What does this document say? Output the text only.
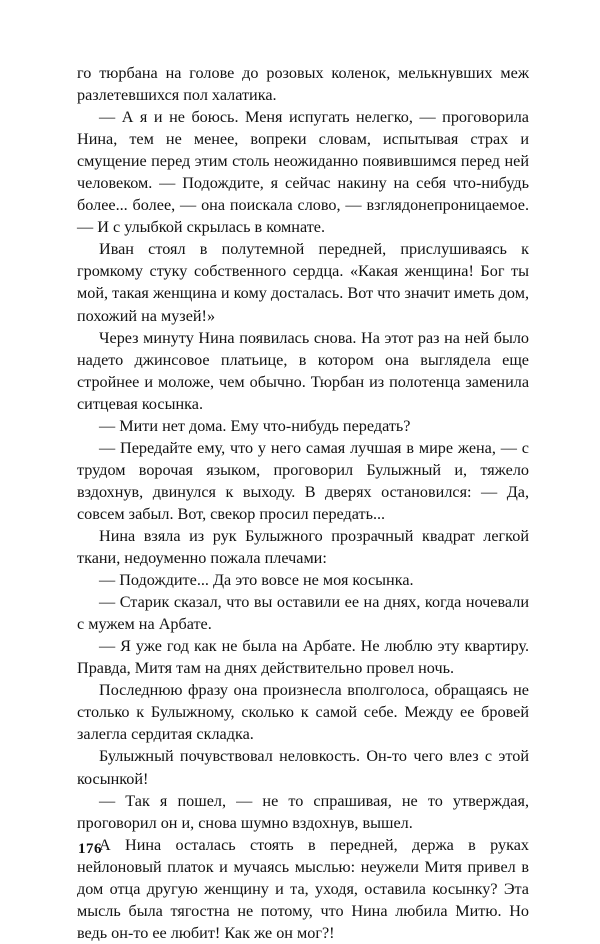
го тюрбана на голове до розовых коленок, мелькнувших меж разлетевшихся пол халатика.

— А я и не боюсь. Меня испугать нелегко, — проговорила Нина, тем не менее, вопреки словам, испытывая страх и смущение перед этим столь неожиданно появившимся перед ней человеком. — Подождите, я сейчас накину на себя что-нибудь более... более, — она поискала слово, — взглядонепроницаемое. — И с улыбкой скрылась в комнате.

Иван стоял в полутемной передней, прислушиваясь к громкому стуку собственного сердца. «Какая женщина! Бог ты мой, такая женщина и кому досталась. Вот что значит иметь дом, похожий на музей!»

Через минуту Нина появилась снова. На этот раз на ней было надето джинсовое платьице, в котором она выглядела еще стройнее и моложе, чем обычно. Тюрбан из полотенца заменила ситцевая косынка.

— Мити нет дома. Ему что-нибудь передать?

— Передайте ему, что у него самая лучшая в мире жена, — с трудом ворочая языком, проговорил Булыжный и, тяжело вздохнув, двинулся к выходу. В дверях остановился: — Да, совсем забыл. Вот, свекор просил передать...

Нина взяла из рук Булыжного прозрачный квадрат легкой ткани, недоуменно пожала плечами:

— Подождите... Да это вовсе не моя косынка.

— Старик сказал, что вы оставили ее на днях, когда ночевали с мужем на Арбате.

— Я уже год как не была на Арбате. Не люблю эту квартиру. Правда, Митя там на днях действительно провел ночь.

Последнюю фразу она произнесла вполголоса, обращаясь не столько к Булыжному, сколько к самой себе. Между ее бровей залегла сердитая складка.

Булыжный почувствовал неловкость. Он-то чего влез с этой косынкой!

— Так я пошел, — не то спрашивая, не то утверждая, проговорил он и, снова шумно вздохнув, вышел.

А Нина осталась стоять в передней, держа в руках нейлоновый платок и мучаясь мыслью: неужели Митя привел в дом отца другую женщину и та, уходя, оставила косынку? Эта мысль была тягостна не потому, что Нина любила Митю. Но ведь он-то ее любит! Как же он мог?!

176
